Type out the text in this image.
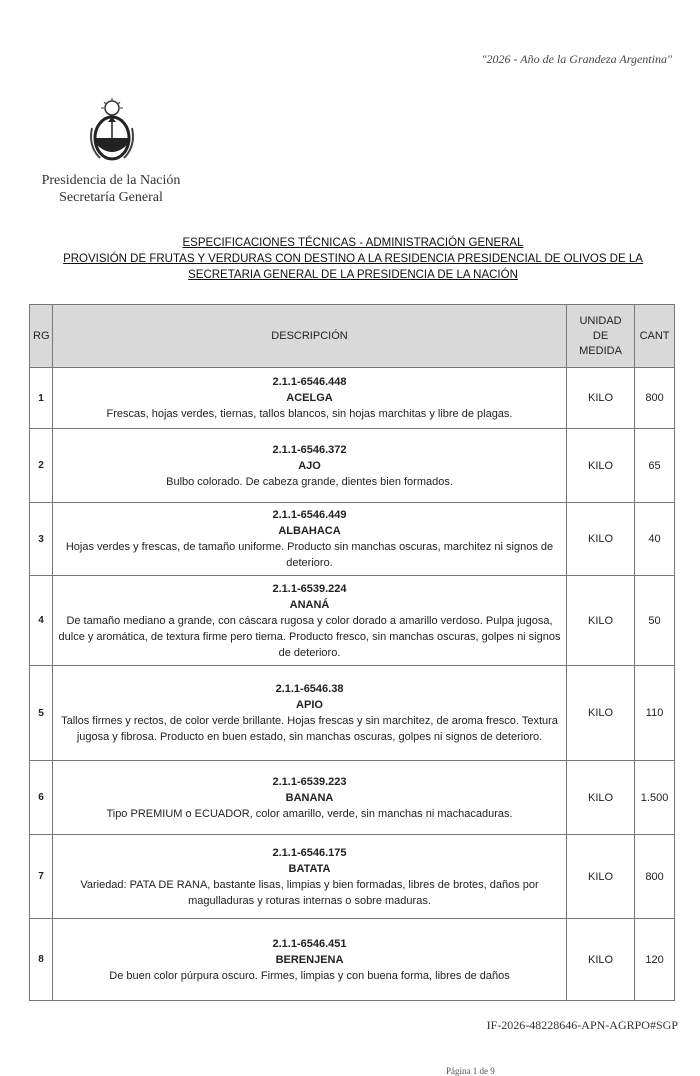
"2026 - Año de la Grandeza Argentina"
Presidencia de la Nación
Secretaría General
ESPECIFICACIONES TÉCNICAS - ADMINISTRACIÓN GENERAL
PROVISIÓN DE FRUTAS Y VERDURAS CON DESTINO A LA RESIDENCIA PRESIDENCIAL DE OLIVOS DE LA
SECRETARIA GENERAL DE LA PRESIDENCIA DE LA NACIÓN
RG	DESCRIPCIÓN	UNIDAD
DE
MEDIDA	CANT
1	2.1.1-6546.448
ACELGA
Frescas, hojas verdes, tiernas, tallos blancos, sin hojas marchitas y libre de plagas.	KILO	800
2	2.1.1-6546.372
AJO
Bulbo colorado. De cabeza grande, dientes bien formados.	KILO	65
3	2.1.1-6546.449
ALBAHACA
Hojas verdes y frescas, de tamaño uniforme. Producto sin manchas oscuras, marchitez ni signos de deterioro.	KILO	40
4	2.1.1-6539.224
ANANÁ
De tamaño mediano a grande, con cáscara rugosa y color dorado a amarillo verdoso. Pulpa jugosa, dulce y aromática, de textura firme pero tierna. Producto fresco, sin manchas oscuras, golpes ni signos de deterioro.	KILO	50
5	2.1.1-6546.38
APIO
Tallos firmes y rectos, de color verde brillante. Hojas frescas y sin marchitez, de aroma fresco. Textura jugosa y fibrosa. Producto en buen estado, sin manchas oscuras, golpes ni signos de deterioro.	KILO	110
6	2.1.1-6539.223
BANANA
Tipo PREMIUM o ECUADOR, color amarillo, verde, sin manchas ni machacaduras.	KILO	1.500
7	2.1.1-6546.175
BATATA
Variedad: PATA DE RANA, bastante lisas, limpias y bien formadas, libres de brotes, daños por magulladuras y roturas internas o sobre maduras.	KILO	800
8	2.1.1-6546.451
BERENJENA
De buen color púrpura oscuro. Firmes, limpias y con buena forma, libres de daños	KILO	120
IF-2026-48228646-APN-AGRPO#SGP
Página 1 de 9
